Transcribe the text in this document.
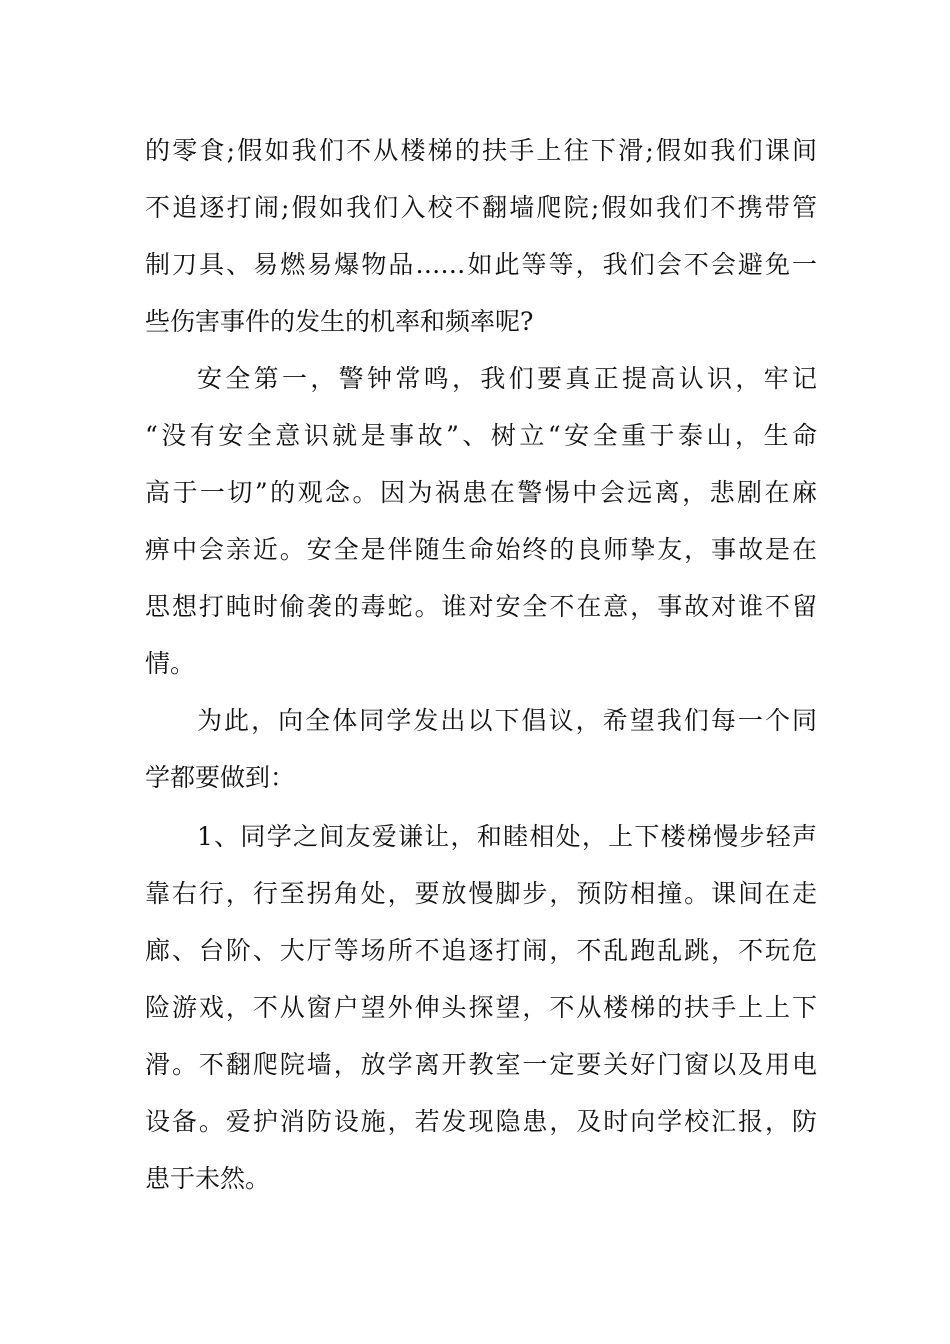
的零食;假如我们不从楼梯的扶手上往下滑;假如我们课间
不追逐打闹;假如我们入校不翻墙爬院;假如我们不携带管
制刀具、易燃易爆物品……如此等等，我们会不会避免一
些伤害事件的发生的机率和频率呢?
安全第一，警钟常鸣，我们要真正提高认识，牢记
“没有安全意识就是事故”、树立“安全重于泰山，生命
高于一切”的观念。因为祸患在警惕中会远离，悲剧在麻
痹中会亲近。安全是伴随生命始终的良师挚友，事故是在
思想打盹时偷袭的毒蛇。谁对安全不在意，事故对谁不留
情。
为此，向全体同学发出以下倡议，希望我们每一个同
学都要做到：
1、同学之间友爱谦让，和睦相处，上下楼梯慢步轻声
靠右行，行至拐角处，要放慢脚步，预防相撞。课间在走
廊、台阶、大厅等场所不追逐打闹，不乱跑乱跳，不玩危
险游戏，不从窗户望外伸头探望，不从楼梯的扶手上上下
滑。不翻爬院墙，放学离开教室一定要关好门窗以及用电
设备。爱护消防设施，若发现隐患，及时向学校汇报，防
患于未然。
